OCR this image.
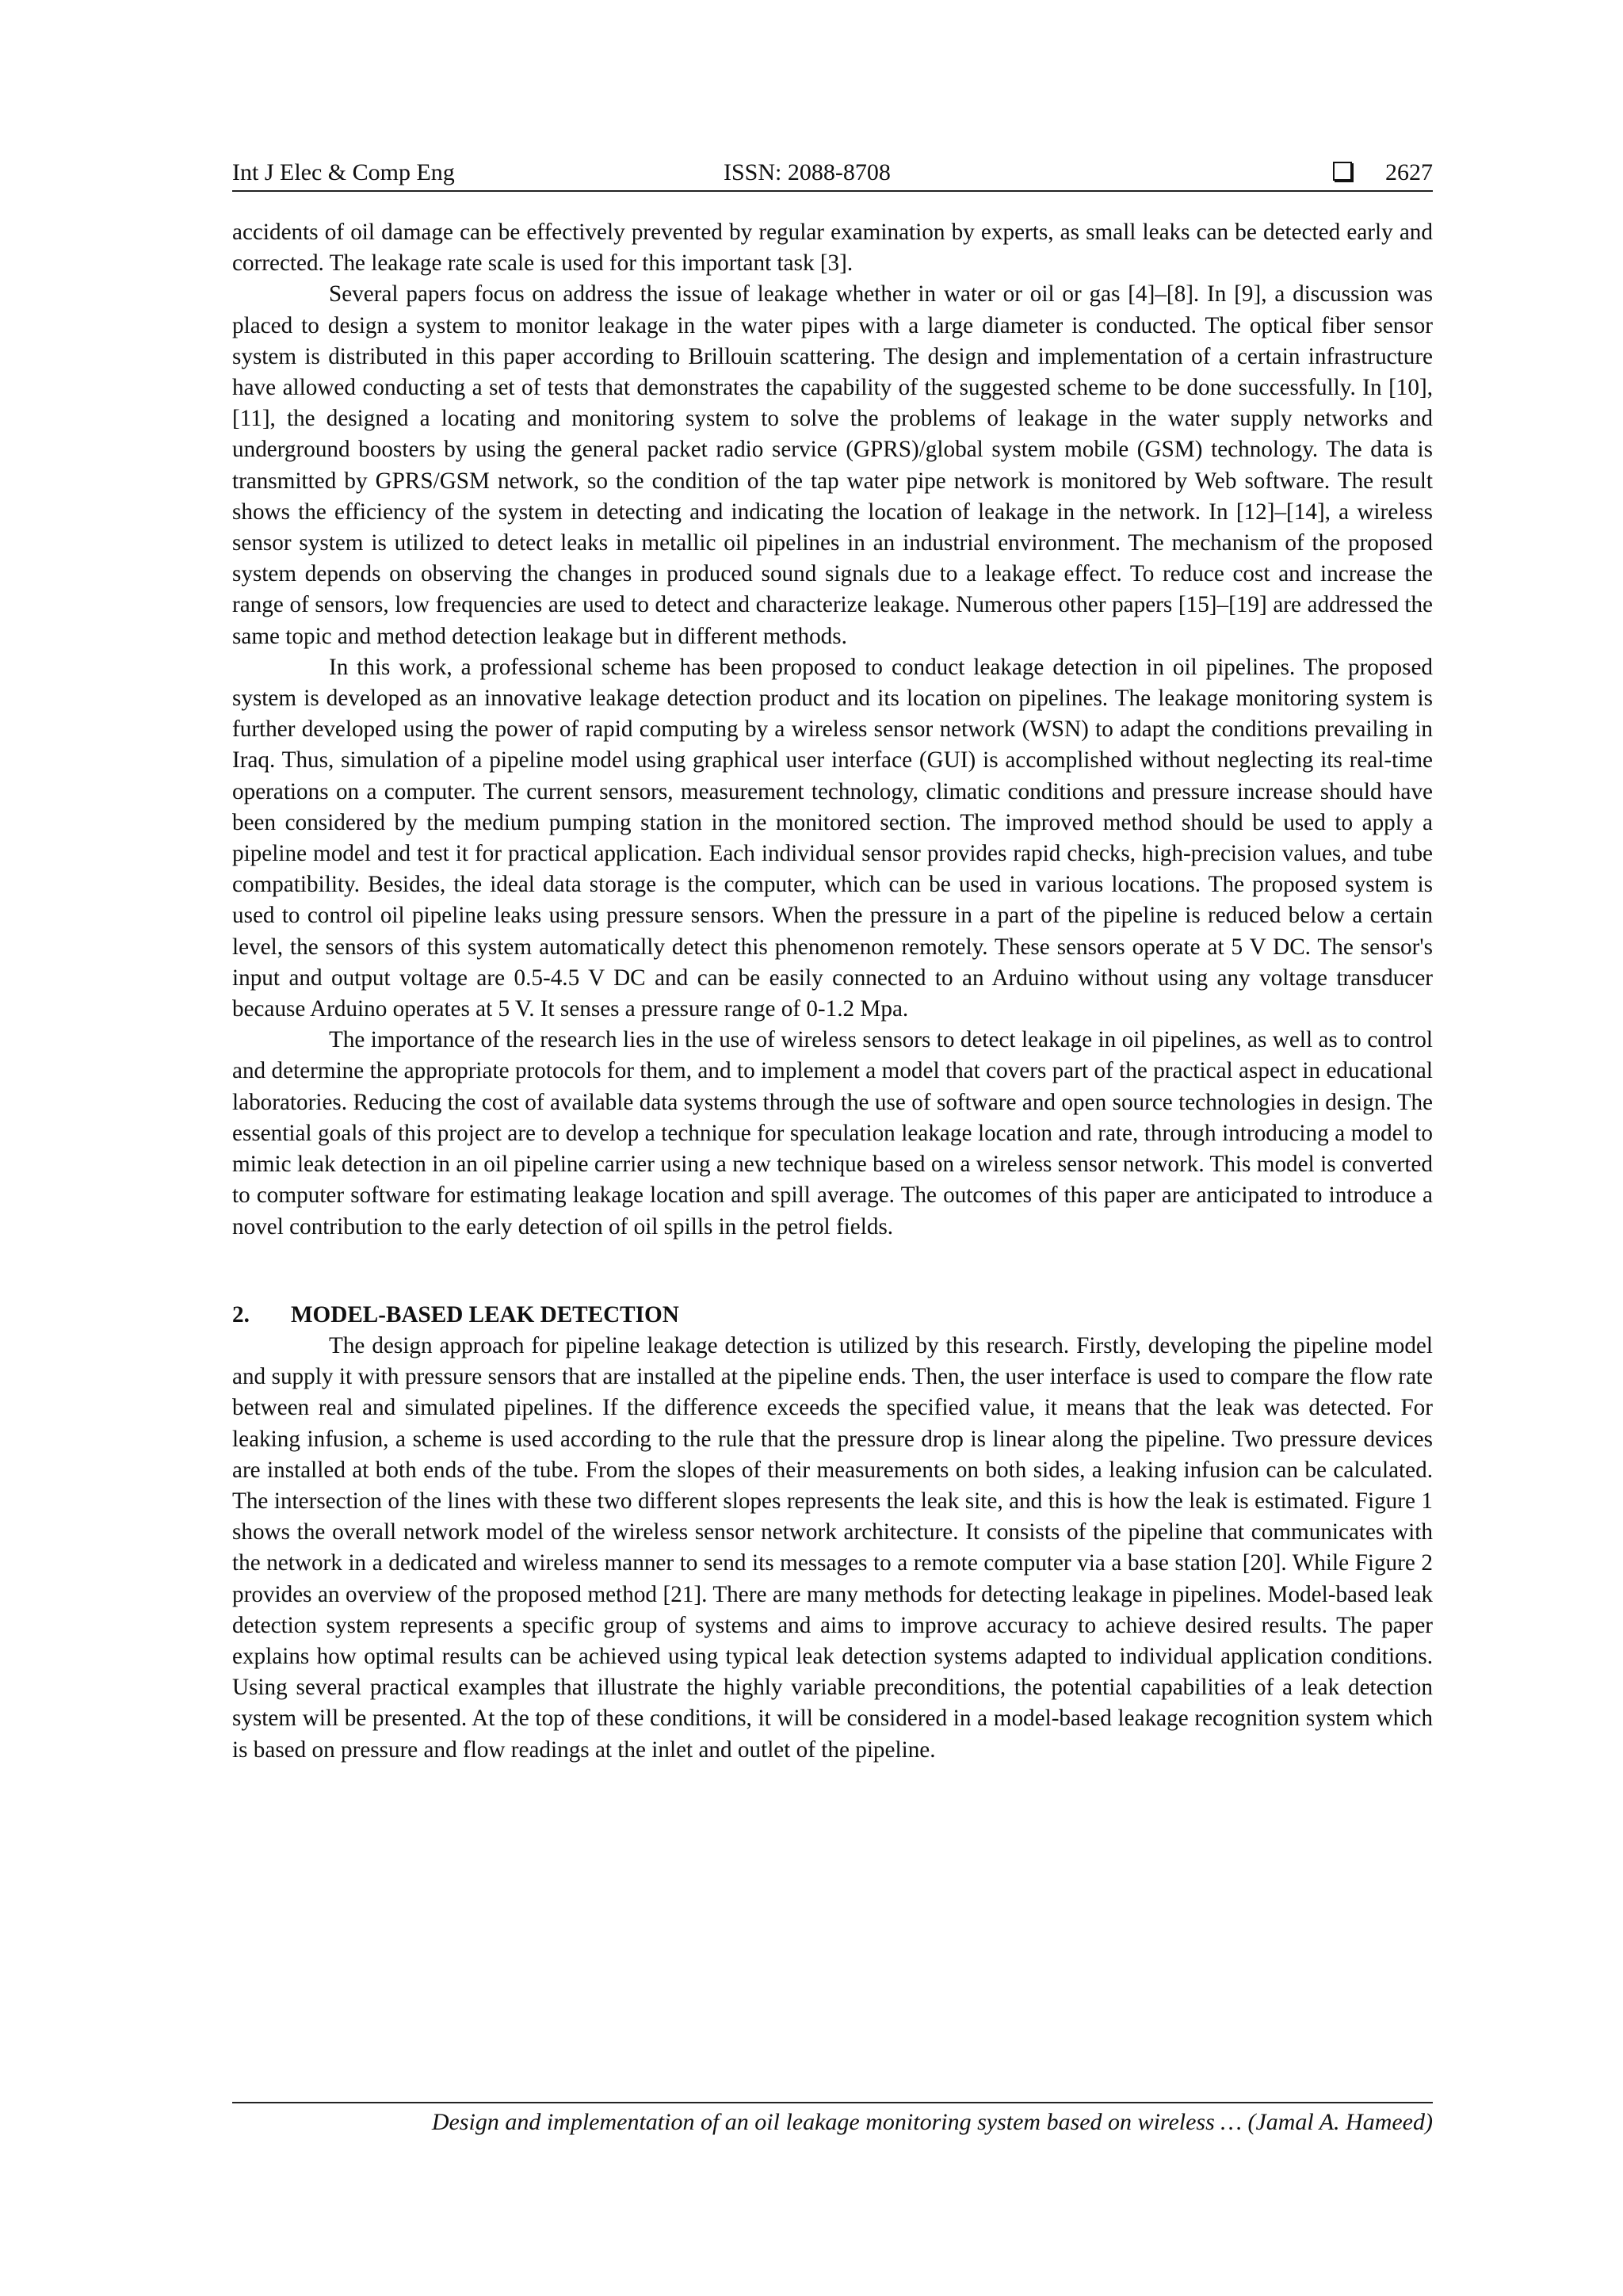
Int J Elec & Comp Eng	ISSN: 2088-8708	2627

accidents of oil damage can be effectively prevented by regular examination by experts, as small leaks can be detected early and corrected. The leakage rate scale is used for this important task [3].

Several papers focus on address the issue of leakage whether in water or oil or gas [4]–[8]. In [9], a discussion was placed to design a system to monitor leakage in the water pipes with a large diameter is conducted. The optical fiber sensor system is distributed in this paper according to Brillouin scattering. The design and implementation of a certain infrastructure have allowed conducting a set of tests that demonstrates the capability of the suggested scheme to be done successfully. In [10], [11], the designed a locating and monitoring system to solve the problems of leakage in the water supply networks and underground boosters by using the general packet radio service (GPRS)/global system mobile (GSM) technology. The data is transmitted by GPRS/GSM network, so the condition of the tap water pipe network is monitored by Web software. The result shows the efficiency of the system in detecting and indicating the location of leakage in the network. In [12]–[14], a wireless sensor system is utilized to detect leaks in metallic oil pipelines in an industrial environment. The mechanism of the proposed system depends on observing the changes in produced sound signals due to a leakage effect. To reduce cost and increase the range of sensors, low frequencies are used to detect and characterize leakage. Numerous other papers [15]–[19] are addressed the same topic and method detection leakage but in different methods.

In this work, a professional scheme has been proposed to conduct leakage detection in oil pipelines. The proposed system is developed as an innovative leakage detection product and its location on pipelines. The leakage monitoring system is further developed using the power of rapid computing by a wireless sensor network (WSN) to adapt the conditions prevailing in Iraq. Thus, simulation of a pipeline model using graphical user interface (GUI) is accomplished without neglecting its real-time operations on a computer. The current sensors, measurement technology, climatic conditions and pressure increase should have been considered by the medium pumping station in the monitored section. The improved method should be used to apply a pipeline model and test it for practical application. Each individual sensor provides rapid checks, high-precision values, and tube compatibility. Besides, the ideal data storage is the computer, which can be used in various locations. The proposed system is used to control oil pipeline leaks using pressure sensors. When the pressure in a part of the pipeline is reduced below a certain level, the sensors of this system automatically detect this phenomenon remotely. These sensors operate at 5 V DC. The sensor's input and output voltage are 0.5-4.5 V DC and can be easily connected to an Arduino without using any voltage transducer because Arduino operates at 5 V. It senses a pressure range of 0-1.2 Mpa.

The importance of the research lies in the use of wireless sensors to detect leakage in oil pipelines, as well as to control and determine the appropriate protocols for them, and to implement a model that covers part of the practical aspect in educational laboratories. Reducing the cost of available data systems through the use of software and open source technologies in design. The essential goals of this project are to develop a technique for speculation leakage location and rate, through introducing a model to mimic leak detection in an oil pipeline carrier using a new technique based on a wireless sensor network. This model is converted to computer software for estimating leakage location and spill average. The outcomes of this paper are anticipated to introduce a novel contribution to the early detection of oil spills in the petrol fields.

2. MODEL-BASED LEAK DETECTION

The design approach for pipeline leakage detection is utilized by this research. Firstly, developing the pipeline model and supply it with pressure sensors that are installed at the pipeline ends. Then, the user interface is used to compare the flow rate between real and simulated pipelines. If the difference exceeds the specified value, it means that the leak was detected. For leaking infusion, a scheme is used according to the rule that the pressure drop is linear along the pipeline. Two pressure devices are installed at both ends of the tube. From the slopes of their measurements on both sides, a leaking infusion can be calculated. The intersection of the lines with these two different slopes represents the leak site, and this is how the leak is estimated. Figure 1 shows the overall network model of the wireless sensor network architecture. It consists of the pipeline that communicates with the network in a dedicated and wireless manner to send its messages to a remote computer via a base station [20]. While Figure 2 provides an overview of the proposed method [21]. There are many methods for detecting leakage in pipelines. Model-based leak detection system represents a specific group of systems and aims to improve accuracy to achieve desired results. The paper explains how optimal results can be achieved using typical leak detection systems adapted to individual application conditions. Using several practical examples that illustrate the highly variable preconditions, the potential capabilities of a leak detection system will be presented. At the top of these conditions, it will be considered in a model-based leakage recognition system which is based on pressure and flow readings at the inlet and outlet of the pipeline.

Design and implementation of an oil leakage monitoring system based on wireless … (Jamal A. Hameed)
